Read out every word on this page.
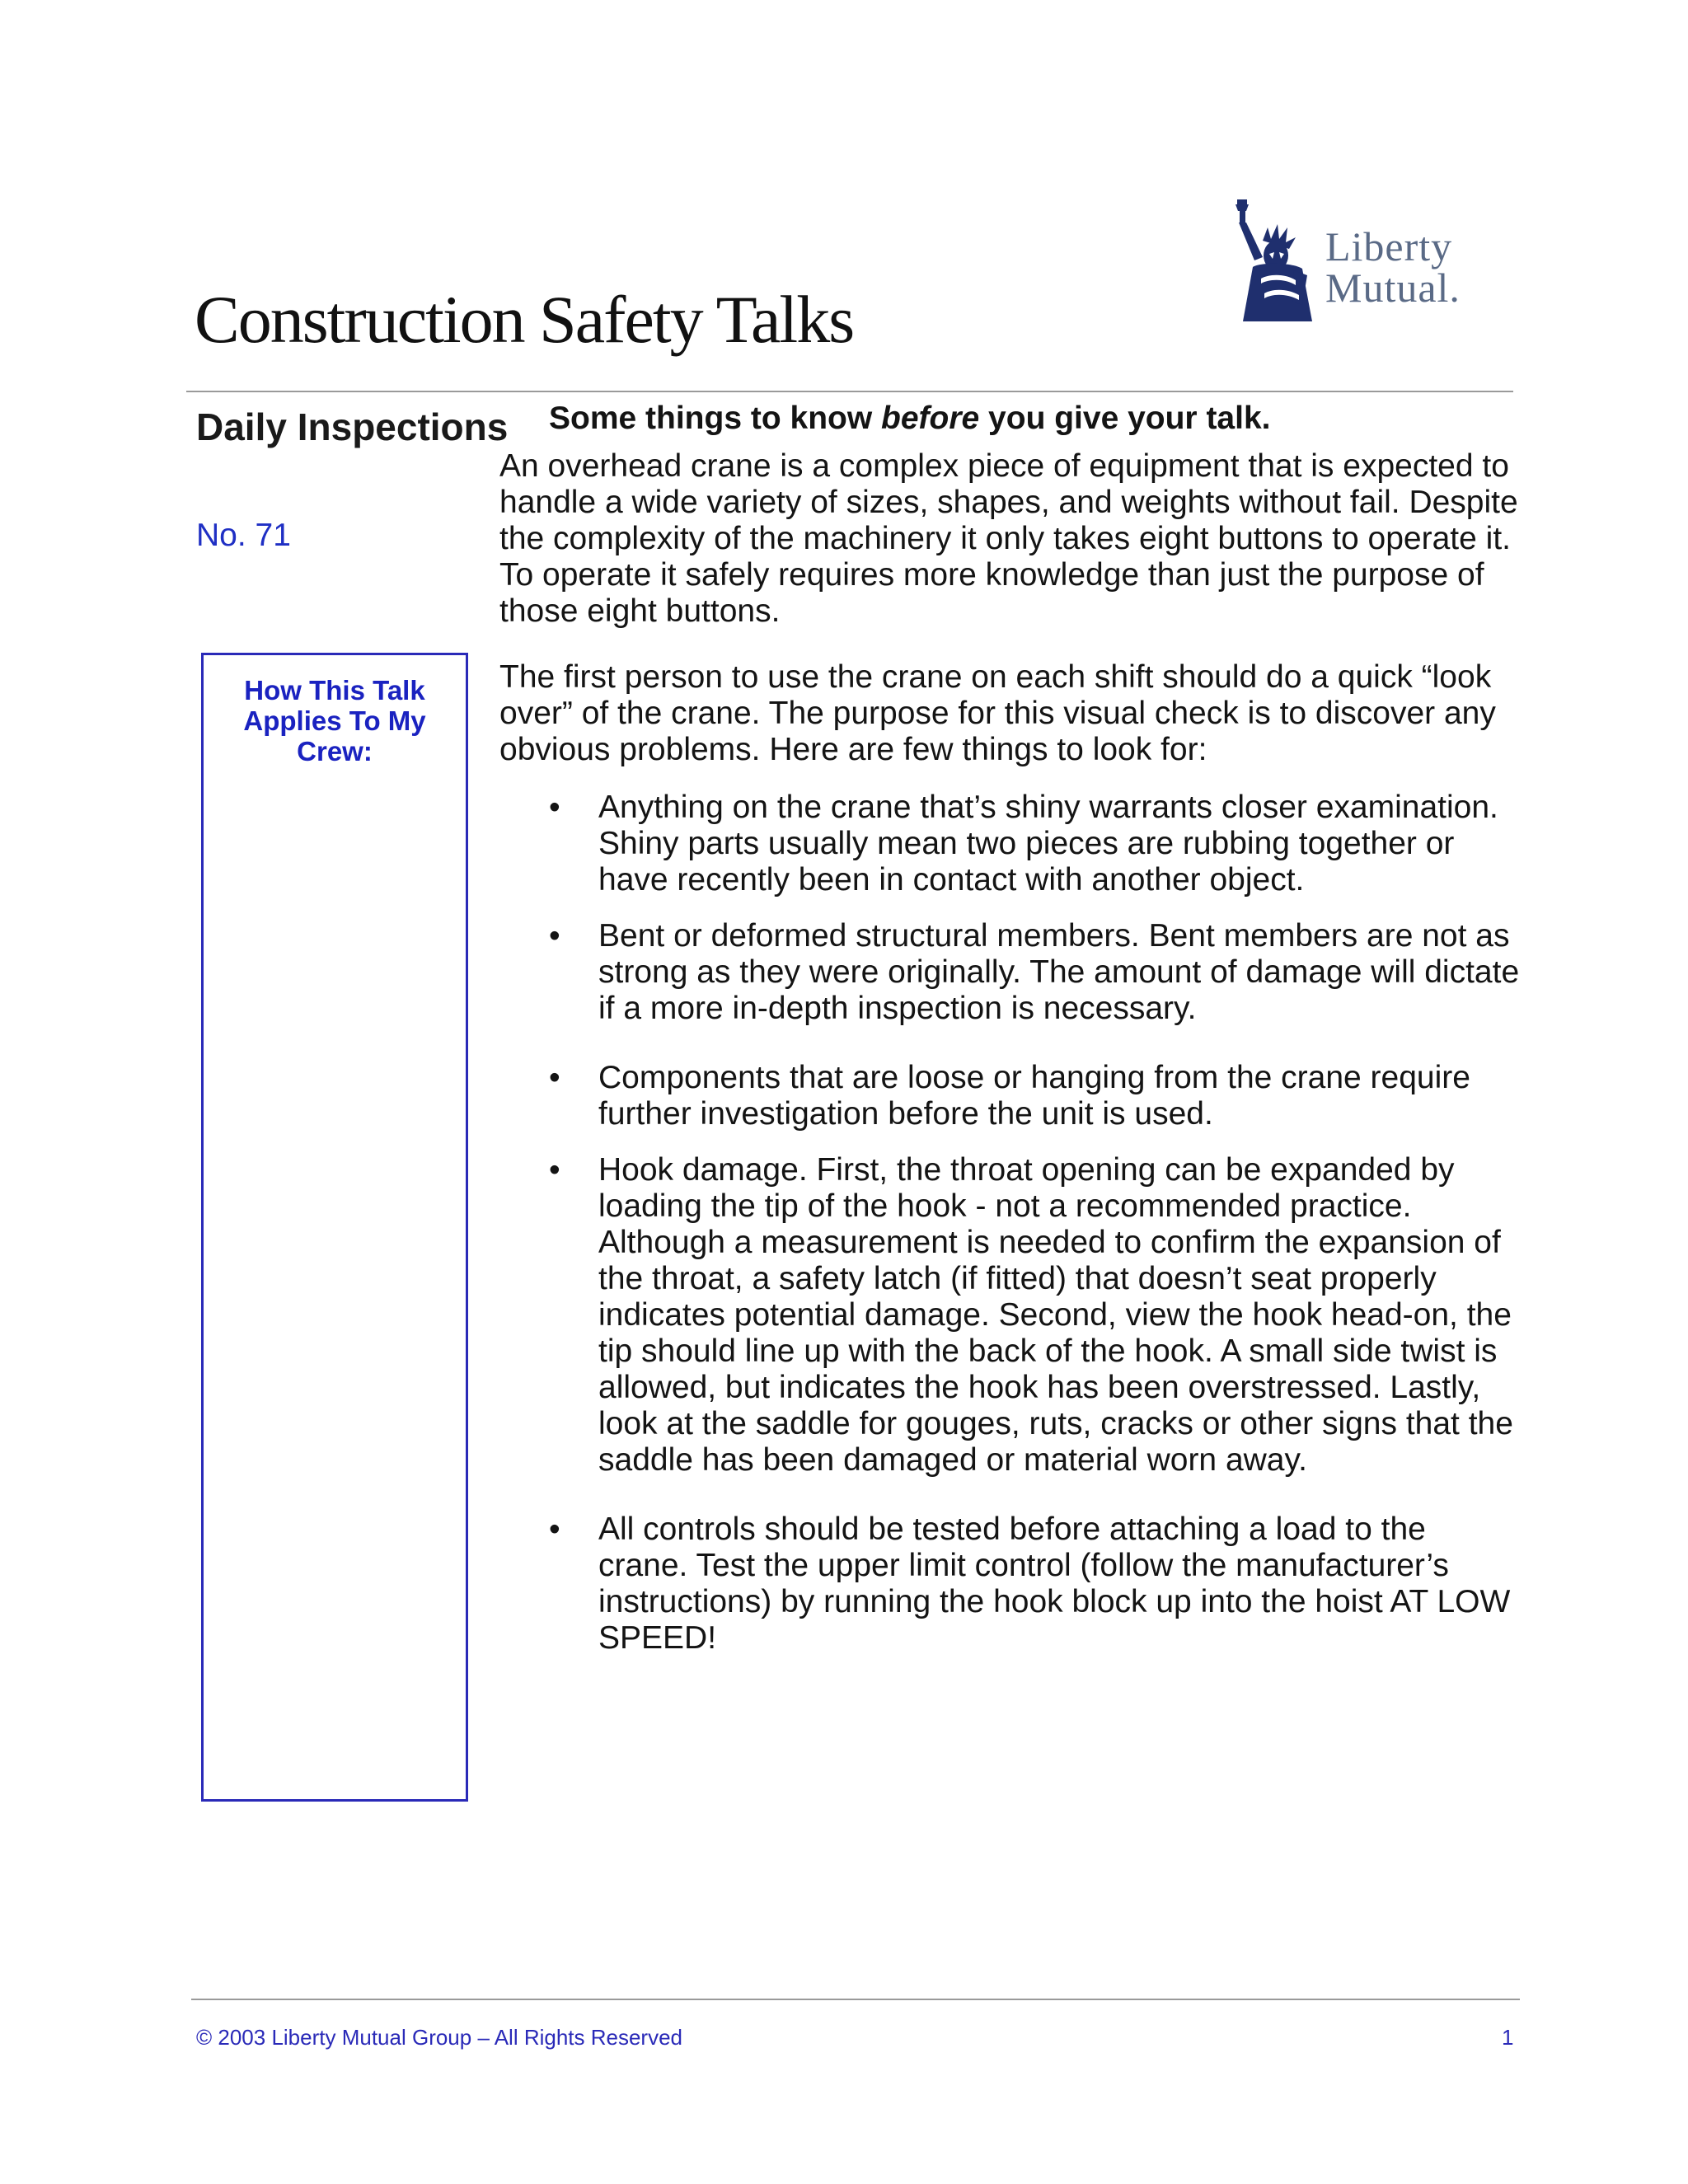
Liberty
Mutual.
Construction Safety Talks
Daily Inspections
No. 71
How This Talk Applies To My Crew:

Some things to know before you give your talk.

An overhead crane is a complex piece of equipment that is expected to handle a wide variety of sizes, shapes, and weights without fail. Despite the complexity of the machinery it only takes eight buttons to operate it. To operate it safely requires more knowledge than just the purpose of those eight buttons.

The first person to use the crane on each shift should do a quick “look over” of the crane. The purpose for this visual check is to discover any obvious problems. Here are few things to look for:

• Anything on the crane that’s shiny warrants closer examination. Shiny parts usually mean two pieces are rubbing together or have recently been in contact with another object.
• Bent or deformed structural members. Bent members are not as strong as they were originally. The amount of damage will dictate if a more in-depth inspection is necessary.
• Components that are loose or hanging from the crane require further investigation before the unit is used.
• Hook damage. First, the throat opening can be expanded by loading the tip of the hook - not a recommended practice. Although a measurement is needed to confirm the expansion of the throat, a safety latch (if fitted) that doesn’t seat properly indicates potential damage. Second, view the hook head-on, the tip should line up with the back of the hook. A small side twist is allowed, but indicates the hook has been overstressed. Lastly, look at the saddle for gouges, ruts, cracks or other signs that the saddle has been damaged or material worn away.
• All controls should be tested before attaching a load to the crane. Test the upper limit control (follow the manufacturer’s instructions) by running the hook block up into the hoist AT LOW SPEED!
© 2003 Liberty Mutual Group – All Rights Reserved	1
